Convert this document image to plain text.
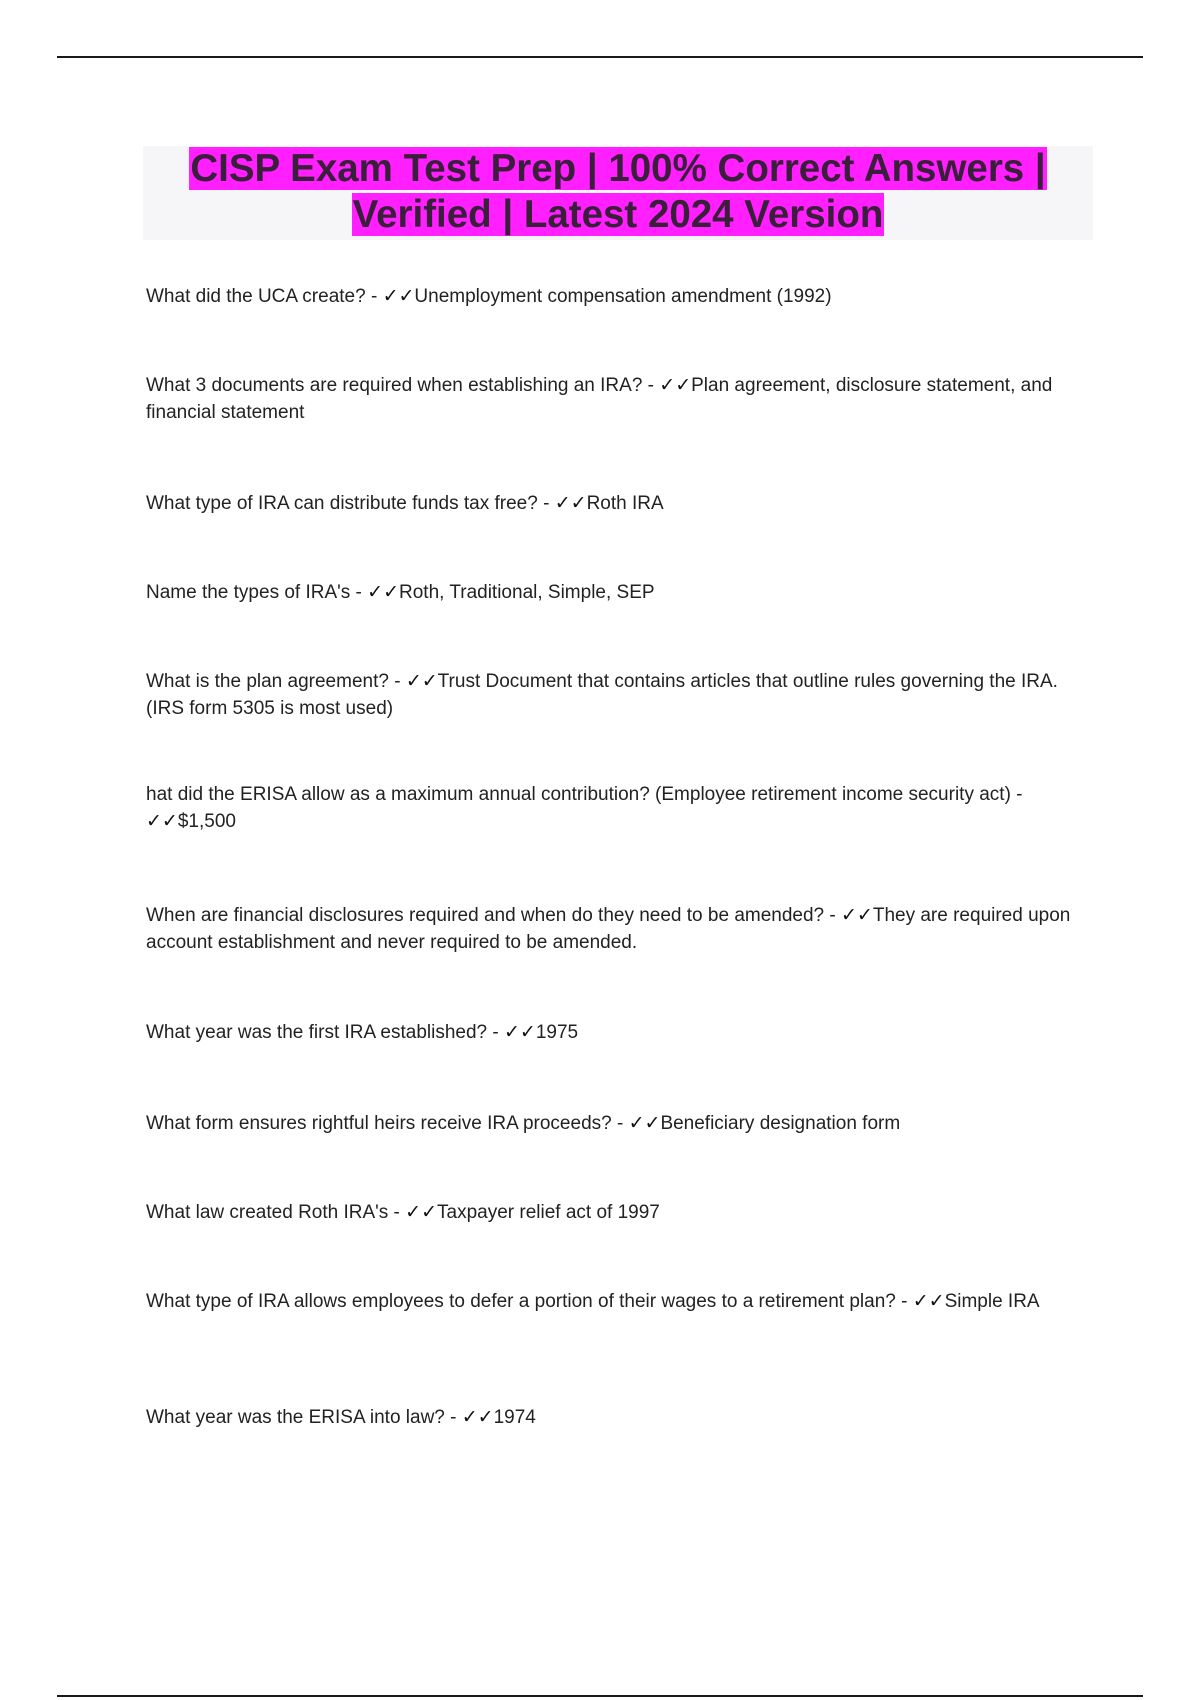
CISP Exam Test Prep | 100% Correct Answers |
Verified | Latest 2024 Version
What did the UCA create? - ✓✓Unemployment compensation amendment (1992)
What 3 documents are required when establishing an IRA? - ✓✓Plan agreement, disclosure statement, and financial statement
What type of IRA can distribute funds tax free? - ✓✓Roth IRA
Name the types of IRA's - ✓✓Roth, Traditional, Simple, SEP
What is the plan agreement? - ✓✓Trust Document that contains articles that outline rules governing the IRA. (IRS form 5305 is most used)
hat did the ERISA allow as a maximum annual contribution? (Employee retirement income security act) - ✓✓$1,500
When are financial disclosures required and when do they need to be amended? - ✓✓They are required upon account establishment and never required to be amended.
What year was the first IRA established? - ✓✓1975
What form ensures rightful heirs receive IRA proceeds? - ✓✓Beneficiary designation form
What law created Roth IRA's - ✓✓Taxpayer relief act of 1997
What type of IRA allows employees to defer a portion of their wages to a retirement plan? - ✓✓Simple IRA
What year was the ERISA into law? - ✓✓1974
